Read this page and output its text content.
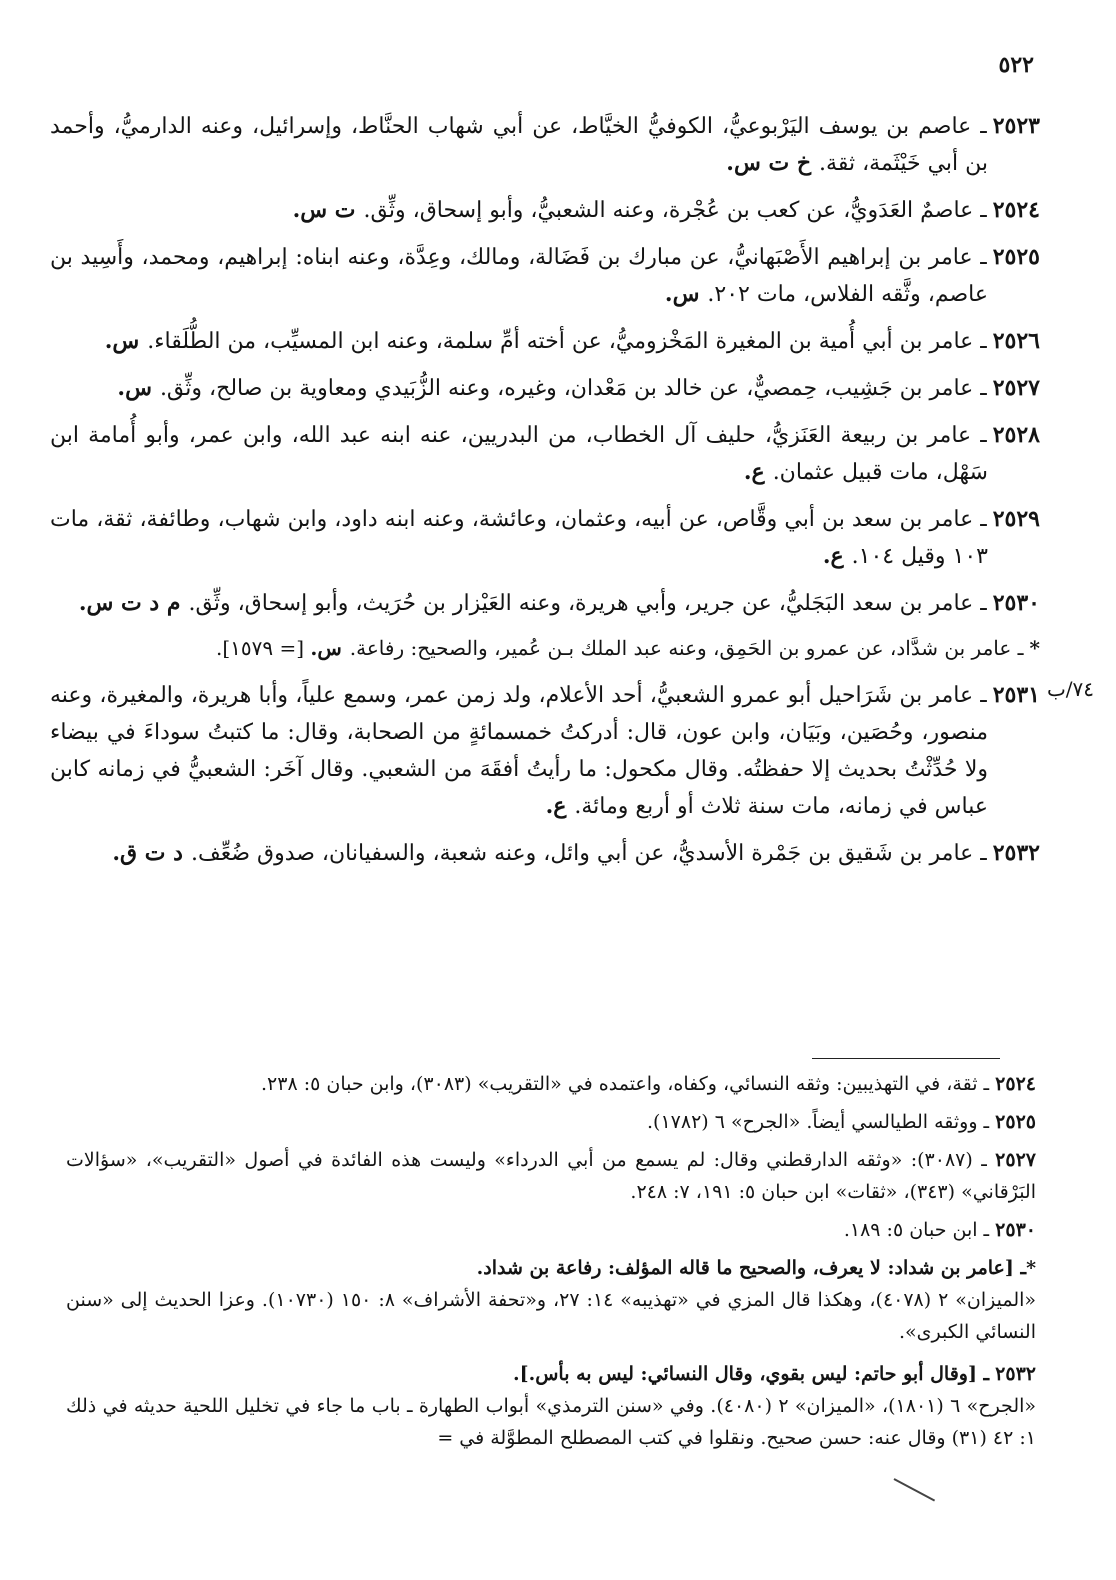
٥٢٢

٢٥٢٣ـ عاصم بن يوسف اليَرْبوعيُّ، الكوفيُّ الخيَّاط، عن أبي شهاب الحنَّاط، وإسرائيل، وعنه الدارميُّ، وأحمد بن أبي خَيْثَمة، ثقة.خ ت س.

٢٥٢٤ـ عاصمٌ العَدَويُّ، عن كعب بن عُجْرة، وعنه الشعبيُّ، وأبو إسحاق، وثِّق.ت س.

٢٥٢٥ـ عامر بن إبراهيم الأَصْبَهانيُّ، عن مبارك بن فَضَالة، ومالك، وعِدَّة، وعنه ابناه: إبراهيم، ومحمد، وأَسِيد بن عاصم، وثَّقه الفلاس، مات ٢٠٢.س.

٢٥٢٦ـ عامر بن أبي أُمية بن المغيرة المَخْزوميُّ، عن أخته أمِّ سلمة، وعنه ابن المسيِّب، من الطُّلَقاء.س.

٢٥٢٧ـ عامر بن جَشِيب، حِمصيٌّ، عن خالد بن مَعْدان، وغيره، وعنه الزُّبَيدي ومعاوية بن صالح، وثِّق.س.

٢٥٢٨ـ عامر بن ربيعة العَنَزيُّ، حليف آل الخطاب، من البدريين، عنه ابنه عبد الله، وابن عمر، وأبو أُمامة ابن سَهْل، مات قبيل عثمان.ع.

٢٥٢٩ـ عامر بن سعد بن أبي وقَّاص، عن أبيه، وعثمان، وعائشة، وعنه ابنه داود، وابن شهاب، وطائفة، ثقة، مات ١٠٣ وقيل ١٠٤.ع.

٢٥٣٠ـ عامر بن سعد البَجَليُّ، عن جرير، وأبي هريرة، وعنه العَيْزار بن حُرَيث، وأبو إسحاق، وثِّق.م د ت س.

*ـ عامر بن شدَّاد، عن عمرو بن الحَمِق، وعنه عبد الملك بـن عُمير، والصحيح: رفاعة.س. [= ١٥٧٩].

٧٤/ب

٢٥٣١ـ عامر بن شَرَاحيل أبو عمرو الشعبيُّ، أحد الأعلام، ولد زمن عمر، وسمع علياً، وأبا هريرة، والمغيرة، وعنه منصور، وحُصَين، وبَيَان، وابن عون، قال: أدركتُ خمسمائةٍ من الصحابة، وقال: ما كتبتُ سوداءَ في بيضاء ولا حُدِّثْتُ بحديث إلا حفظتُه. وقال مكحول: ما رأيتُ أفقَهَ من الشعبي. وقال آخَر: الشعبيُّ في زمانه كابن عباس في زمانه، مات سنة ثلاث أو أربع ومائة.ع.

٢٥٣٢ـ عامر بن شَقيق بن جَمْرة الأسديُّ، عن أبي وائل، وعنه شعبة، والسفيانان، صدوق ضُعِّف.د ت ق.

٢٥٢٤ ـ ثقة، في التهذيبين: وثقه النسائي، وكفاه، واعتمده في «التقريب» (٣٠٨٣)، وابن حبان ٥: ٢٣٨.

٢٥٢٥ ـ ووثقه الطيالسي أيضاً. «الجرح» ٦ (١٧٨٢).

٢٥٢٧ ـ (٣٠٨٧): «وثقه الدارقطني وقال: لم يسمع من أبي الدرداء» وليست هذه الفائدة في أصول «التقريب»، «سؤالات البَرْقاني» (٣٤٣)، «ثقات» ابن حبان ٥: ١٩١، ٧: ٢٤٨.

٢٥٣٠ ـ ابن حبان ٥: ١٨٩.

*ـ [عامر بن شداد: لا يعرف، والصحيح ما قاله المؤلف: رفاعة بن شداد.
«الميزان» ٢ (٤٠٧٨)، وهكذا قال المزي في «تهذيبه» ١٤: ٢٧، و«تحفة الأشراف» ٨: ١٥٠ (١٠٧٣٠). وعزا الحديث إلى «سنن النسائي الكبرى».

٢٥٣٢ ـ [وقال أبو حاتم: ليس بقوي، وقال النسائي: ليس به بأس.].
«الجرح» ٦ (١٨٠١)، «الميزان» ٢ (٤٠٨٠). وفي «سنن الترمذي» أبواب الطهارة ـ باب ما جاء في تخليل اللحية حديثه في ذلك ١: ٤٢ (٣١) وقال عنه: حسن صحيح. ونقلوا في كتب المصطلح المطوَّلة في =
